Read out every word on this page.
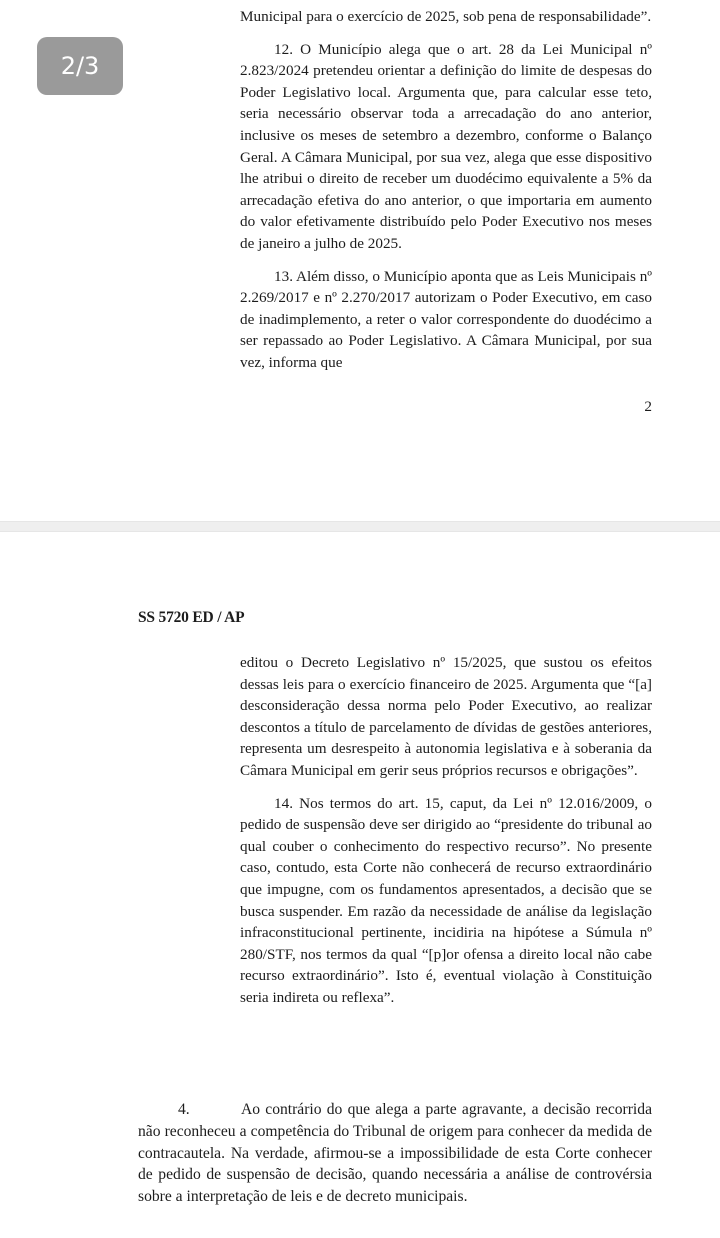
2/3

Municipal para o exercício de 2025, sob pena de responsabilidade”.

12. O Município alega que o art. 28 da Lei Municipal nº 2.823/2024 pretendeu orientar a definição do limite de despesas do Poder Legislativo local. Argumenta que, para calcular esse teto, seria necessário observar toda a arrecadação do ano anterior, inclusive os meses de setembro a dezembro, conforme o Balanço Geral. A Câmara Municipal, por sua vez, alega que esse dispositivo lhe atribui o direito de receber um duodécimo equivalente a 5% da arrecadação efetiva do ano anterior, o que importaria em aumento do valor efetivamente distribuído pelo Poder Executivo nos meses de janeiro a julho de 2025.

13. Além disso, o Município aponta que as Leis Municipais nº 2.269/2017 e nº 2.270/2017 autorizam o Poder Executivo, em caso de inadimplemento, a reter o valor correspondente do duodécimo a ser repassado ao Poder Legislativo. A Câmara Municipal, por sua vez, informa que

2
SS 5720 ED / AP

editou o Decreto Legislativo nº 15/2025, que sustou os efeitos dessas leis para o exercício financeiro de 2025. Argumenta que “[a] desconsideração dessa norma pelo Poder Executivo, ao realizar descontos a título de parcelamento de dívidas de gestões anteriores, representa um desrespeito à autonomia legislativa e à soberania da Câmara Municipal em gerir seus próprios recursos e obrigações”.

14. Nos termos do art. 15, caput, da Lei nº 12.016/2009, o pedido de suspensão deve ser dirigido ao “presidente do tribunal ao qual couber o conhecimento do respectivo recurso”. No presente caso, contudo, esta Corte não conhecerá de recurso extraordinário que impugne, com os fundamentos apresentados, a decisão que se busca suspender. Em razão da necessidade de análise da legislação infraconstitucional pertinente, incidiria na hipótese a Súmula nº 280/STF, nos termos da qual “[p]or ofensa a direito local não cabe recurso extraordinário”. Isto é, eventual violação à Constituição seria indireta ou reflexa”.

4.	Ao contrário do que alega a parte agravante, a decisão recorrida não reconheceu a competência do Tribunal de origem para conhecer da medida de contracautela. Na verdade, afirmou-se a impossibilidade de esta Corte conhecer de pedido de suspensão de decisão, quando necessária a análise de controvérsia sobre a interpretação de leis e de decreto municipais.
